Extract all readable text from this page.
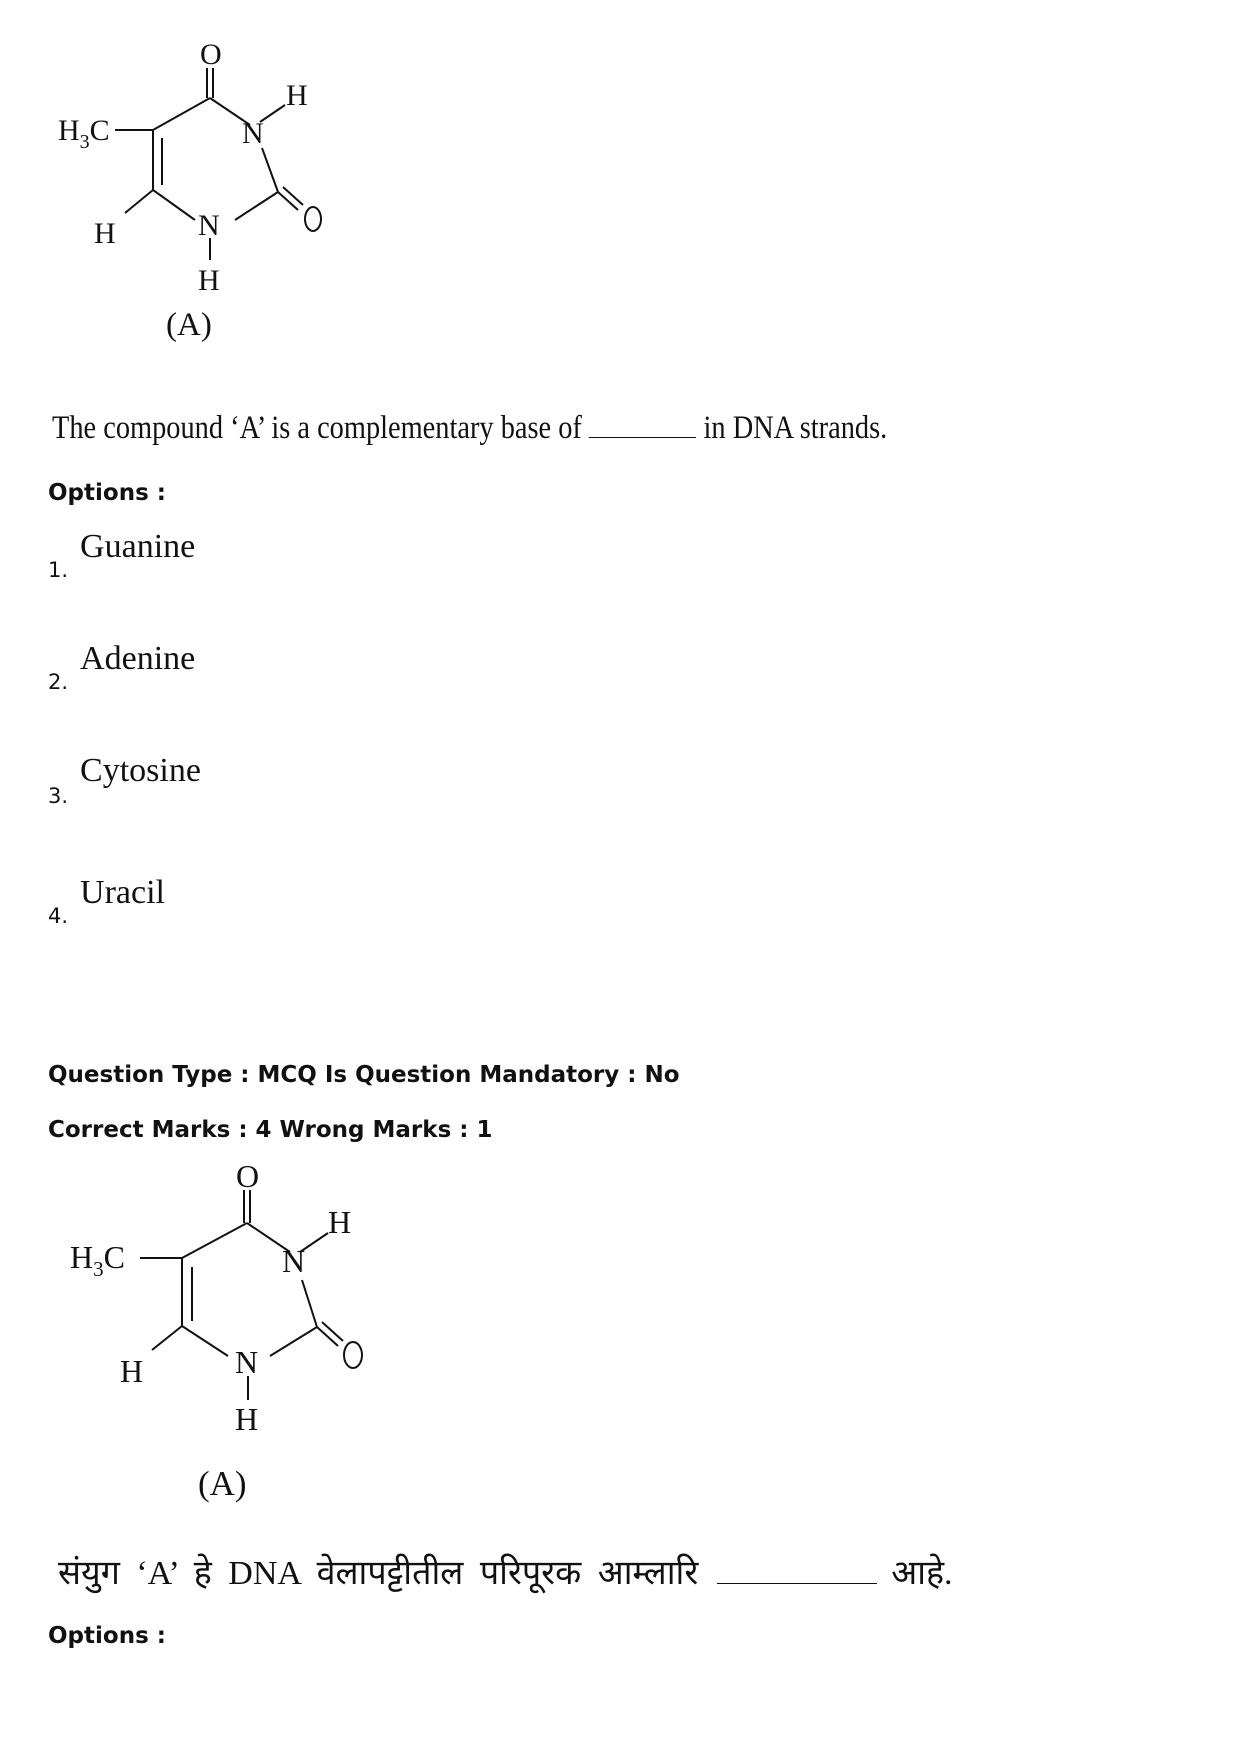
O
N
H
$H_3C$
H	N
H
(A)
The compound ‘A’ is a complementary base of	in DNA strands.
Options :
1. Guanine
2. Adenine
3. Cytosine
4. Uracil
Question Type : MCQ Is Question Mandatory : No
Correct Marks : 4 Wrong Marks : 1
O
N
H
$H_3C$
H	N
H
(A)
संयुग ‘A’ हे DNA वेलापट्टीतील परिपूरक आम्लारि	आहे.
Options :
